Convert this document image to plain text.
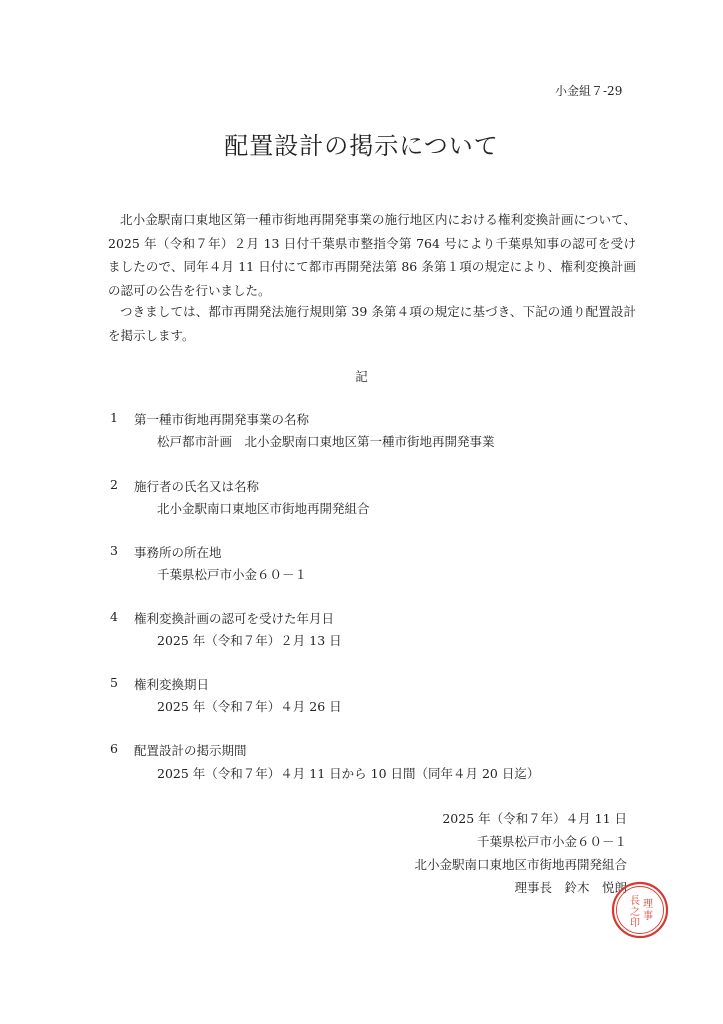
小金組７-29
配置設計の掲示について
北小金駅南口東地区第一種市街地再開発事業の施行地区内における権利変換計画について、2025 年（令和７年）２月 13 日付千葉県市整指令第 764 号により千葉県知事の認可を受けましたので、同年４月 11 日付にて都市再開発法第 86 条第１項の規定により、権利変換計画の認可の公告を行いました。
つきましては、都市再開発法施行規則第 39 条第４項の規定に基づき、下記の通り配置設計を掲示します。
記
1 第一種市街地再開発事業の名称
松戸都市計画　北小金駅南口東地区第一種市街地再開発事業
2 施行者の氏名又は名称
北小金駅南口東地区市街地再開発組合
3 事務所の所在地
千葉県松戸市小金６０－１
4 権利変換計画の認可を受けた年月日
2025 年（令和７年）２月 13 日
5 権利変換期日
2025 年（令和７年）４月 26 日
6 配置設計の掲示期間
2025 年（令和７年）４月 11 日から 10 日間（同年４月 20 日迄）
2025 年（令和７年）４月 11 日
千葉県松戸市小金６０－１
北小金駅南口東地区市街地再開発組合
理事長　鈴木　悦朗
理
事
長
之
印
